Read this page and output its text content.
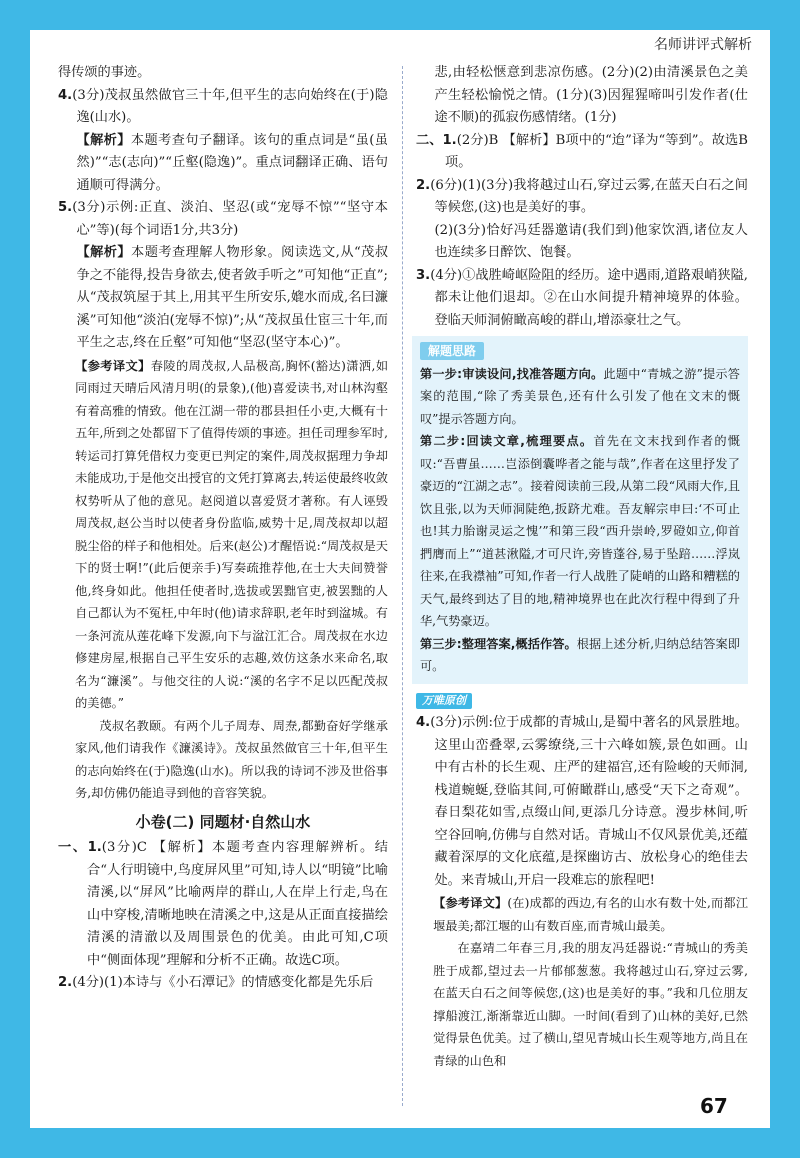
名师讲评式解析

得传颂的事迹。

4.(3分)茂叔虽然做官三十年,但平生的志向始终在(于)隐逸(山水)。

【解析】本题考查句子翻译。该句的重点词是“虽(虽然)”“志(志向)”“丘壑(隐逸)”。重点词翻译正确、语句通顺可得满分。

5.(3分)示例:正直、淡泊、坚忍(或“宠辱不惊”“坚守本心”等)(每个词语1分,共3分)

【解析】本题考查理解人物形象。阅读选文,从“茂叔争之不能得,投告身欲去,使者敛手听之”可知他“正直”;从“茂叔筑屋于其上,用其平生所安乐,媲水而成,名曰濂溪”可知他“淡泊(宠辱不惊)”;从“茂叔虽仕宦三十年,而平生之志,终在丘壑”可知他“坚忍(坚守本心)”。

【参考译文】春陵的周茂叔,人品极高,胸怀(豁达)潇洒,如同雨过天晴后风清月明(的景象),(他)喜爱读书,对山林沟壑有着高雅的情致。他在江湖一带的郡县担任小吏,大概有十五年,所到之处都留下了值得传颂的事迹。担任司理参军时,转运司打算凭借权力变更已判定的案件,周茂叔据理力争却未能成功,于是他交出授官的文凭打算离去,转运使最终收敛权势听从了他的意见。赵阅道以喜爱贤才著称。有人诬毁周茂叔,赵公当时以使者身份监临,威势十足,周茂叔却以超脱尘俗的样子和他相处。后来(赵公)才醒悟说:“周茂叔是天下的贤士啊!”(此后便亲手)写奏疏推荐他,在士大夫间赞誉他,终身如此。他担任使者时,选拔或罢黜官吏,被罢黜的人自己都认为不冤枉,中年时(他)请求辞职,老年时到湓城。有一条河流从莲花峰下发源,向下与湓江汇合。周茂叔在水边修建房屋,根据自己平生安乐的志趣,效仿这条水来命名,取名为“濂溪”。与他交往的人说:“溪的名字不足以匹配茂叔的美德。”

茂叔名教颐。有两个儿子周寿、周焘,都勤奋好学继承家风,他们请我作《濂溪诗》。茂叔虽然做官三十年,但平生的志向始终在(于)隐逸(山水)。所以我的诗词不涉及世俗事务,却仿佛仍能追寻到他的音容笑貌。

小卷(二) 同题材·自然山水

一、1.(3分)C 【解析】本题考查内容理解辨析。结合“人行明镜中,鸟度屏风里”可知,诗人以“明镜”比喻清溪,以“屏风”比喻两岸的群山,人在岸上行走,鸟在山中穿梭,清晰地映在清溪之中,这是从正面直接描绘清溪的清澈以及周围景色的优美。由此可知,C项中“侧面体现”理解和分析不正确。故选C项。

2.(4分)(1)本诗与《小石潭记》的情感变化都是先乐后

悲,由轻松惬意到悲凉伤感。(2分)(2)由清溪景色之美产生轻松愉悦之情。(1分)(3)因猩猩啼叫引发作者(仕途不顺)的孤寂伤感情绪。(1分)

二、1.(2分)B 【解析】B项中的“迨”译为“等到”。故选B项。

2.(6分)(1)(3分)我将越过山石,穿过云雾,在蓝天白石之间等候您,(这)也是美好的事。

(2)(3分)恰好冯廷器邀请(我们到)他家饮酒,诸位友人也连续多日醉饮、饱餐。

3.(4分)①战胜崎岖险阻的经历。途中遇雨,道路艰峭狭隘,都未让他们退却。②在山水间提升精神境界的体验。登临天师洞俯瞰高峻的群山,增添豪壮之气。

解题思路

第一步:审读设问,找准答题方向。此题中“青城之游”提示答案的范围,“除了秀美景色,还有什么引发了他在文末的慨叹”提示答题方向。

第二步:回读文章,梳理要点。首先在文末找到作者的慨叹:“吾曹虽……岂添倒囊哗者之能与哉”,作者在这里抒发了豪迈的“江湖之志”。接着阅读前三段,从第二段“风雨大作,且饮且张,以为天师洞陡绝,扳跻尤难。吾友解宗申曰:‘不可止也!其力胎谢灵运之愧’”和第三段“西升崇岭,罗磴如立,仰首捫膺而上”“道甚湫隘,才可尺许,旁皆蓬谷,易于坠踣……浮岚往来,在我襟袖”可知,作者一行人战胜了陡峭的山路和糟糕的天气,最终到达了目的地,精神境界也在此次行程中得到了升华,气势豪迈。

第三步:整理答案,概括作答。根据上述分析,归纳总结答案即可。

万唯原创

4.(3分)示例:位于成都的青城山,是蜀中著名的风景胜地。这里山峦叠翠,云雾缭绕,三十六峰如簇,景色如画。山中有古朴的长生观、庄严的建福宫,还有险峻的天师洞,栈道蜿蜒,登临其间,可俯瞰群山,感受“天下之奇观”。春日梨花如雪,点缀山间,更添几分诗意。漫步林间,听空谷回响,仿佛与自然对话。青城山不仅风景优美,还蕴藏着深厚的文化底蕴,是探幽访古、放松身心的绝佳去处。来青城山,开启一段难忘的旅程吧!

【参考译文】(在)成都的西边,有名的山水有数十处,而都江堰最美;都江堰的山有数百座,而青城山最美。

在嘉靖二年春三月,我的朋友冯廷器说:“青城山的秀美胜于成都,望过去一片郁郁葱葱。我将越过山石,穿过云雾,在蓝天白石之间等候您,(这)也是美好的事。”我和几位朋友撑船渡江,渐渐靠近山脚。一时间(看到了)山林的美好,已然觉得景色优美。过了横山,望见青城山长生观等地方,尚且在青绿的山色和

67
